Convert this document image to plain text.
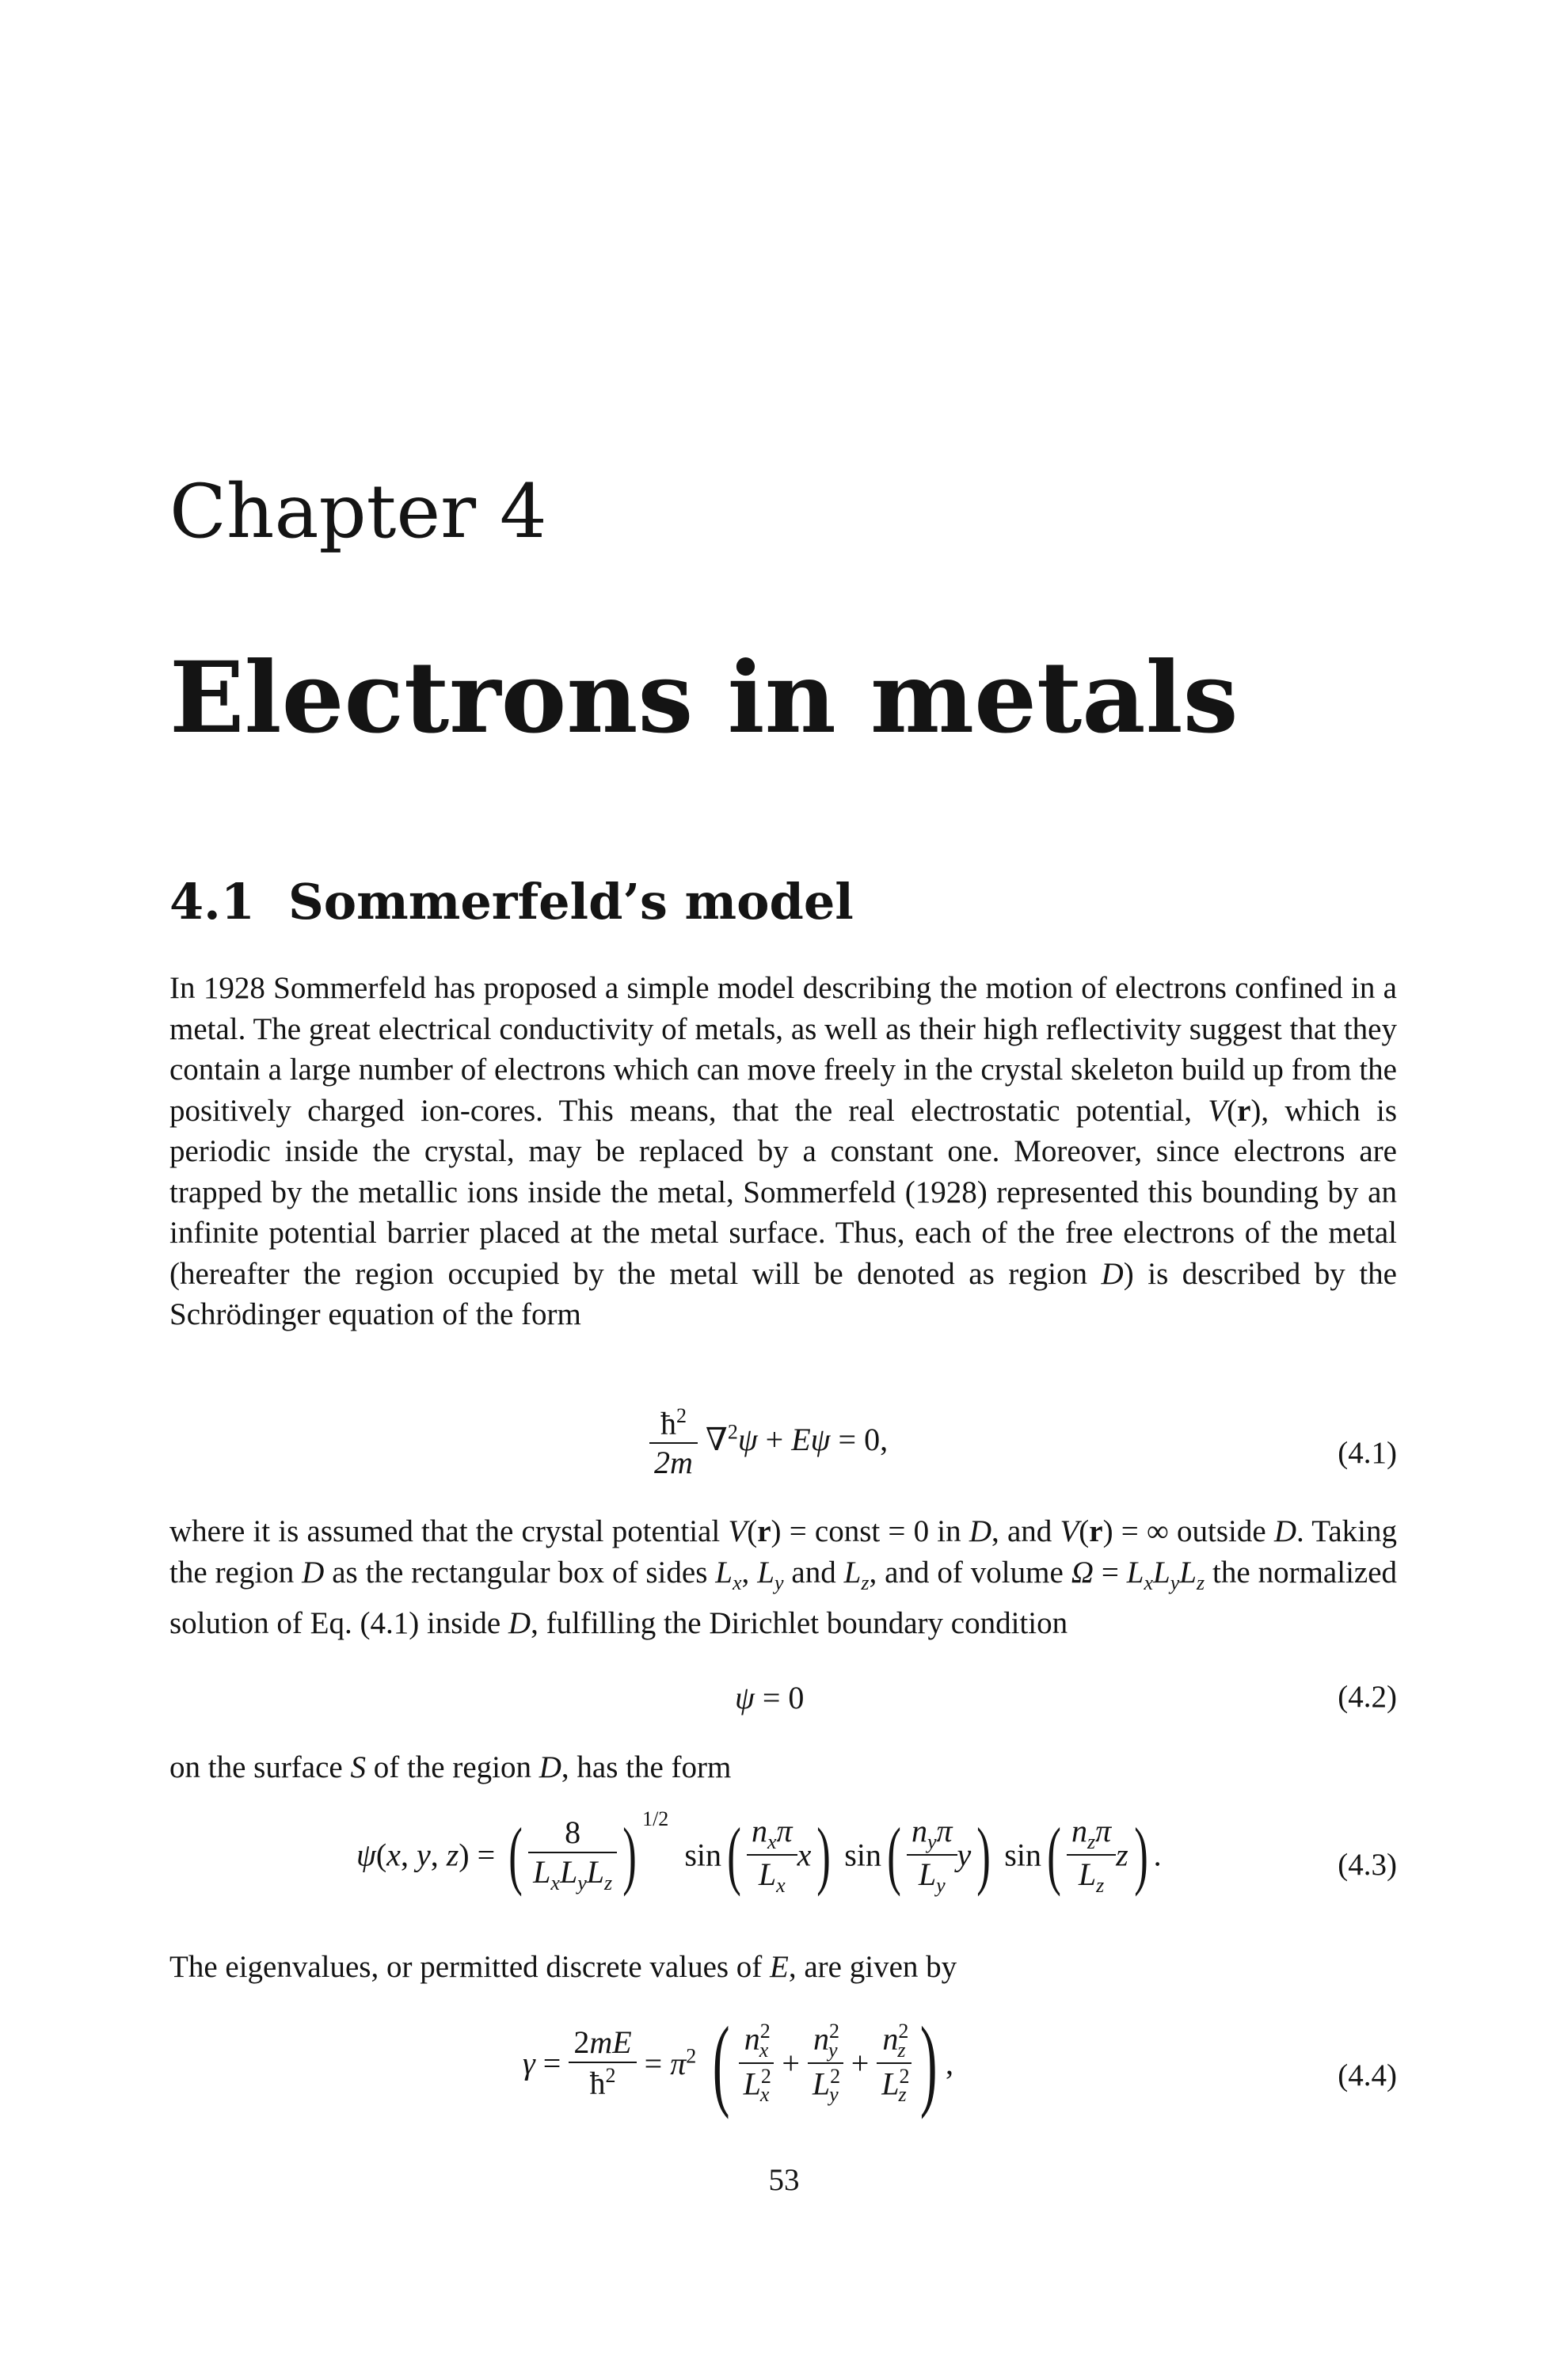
Chapter 4
Electrons in metals
4.1 Sommerfeld’s model

In 1928 Sommerfeld has proposed a simple model describing the motion of electrons confined in a metal. The great electrical conductivity of metals, as well as their high reflectivity suggest that they contain a large number of electrons which can move freely in the crystal skeleton build up from the positively charged ion-cores. This means, that the real electrostatic potential, V(r), which is periodic inside the crystal, may be replaced by a constant one. Moreover, since electrons are trapped by the metallic ions inside the metal, Sommerfeld (1928) represented this bounding by an infinite potential barrier placed at the metal surface. Thus, each of the free electrons of the metal (hereafter the region occupied by the metal will be denoted as region D) is described by the Schrödinger equation of the form

$\frac{ħ^2}{2m} \nabla^2\psi + E\psi = 0$,	(4.1)

where it is assumed that the crystal potential V(r) = const = 0 in D, and V(r) = ∞ outside D. Taking the region D as the rectangular box of sides $L_x$, $L_y$ and $L_z$, and of volume $\Omega = L_xL_yL_z$ the normalized solution of Eq. (4.1) inside D, fulfilling the Dirichlet boundary condition

ψ = 0	(4.2)

on the surface S of the region D, has the form

ψ(x, y, z) = ( $\frac{8}{L_xL_yL_z}$ ) $^{1/2}$  $\sin( \frac{n_x\pi}{L_x} x)$ $\sin( \frac{n_y\pi}{L_y} y)$ $\sin( \frac{n_z\pi}{L_z} z)$ .	(4.3)

The eigenvalues, or permitted discrete values of E, are given by

$\gamma = \frac{2mE}{ħ^2} = \pi^2$ ( $\frac{n^2_x}{L^2_x} + \frac{n^2_y}{L^2_y} + \frac{n^2_z}{L^2_z}$ ) ,	(4.4)
53
